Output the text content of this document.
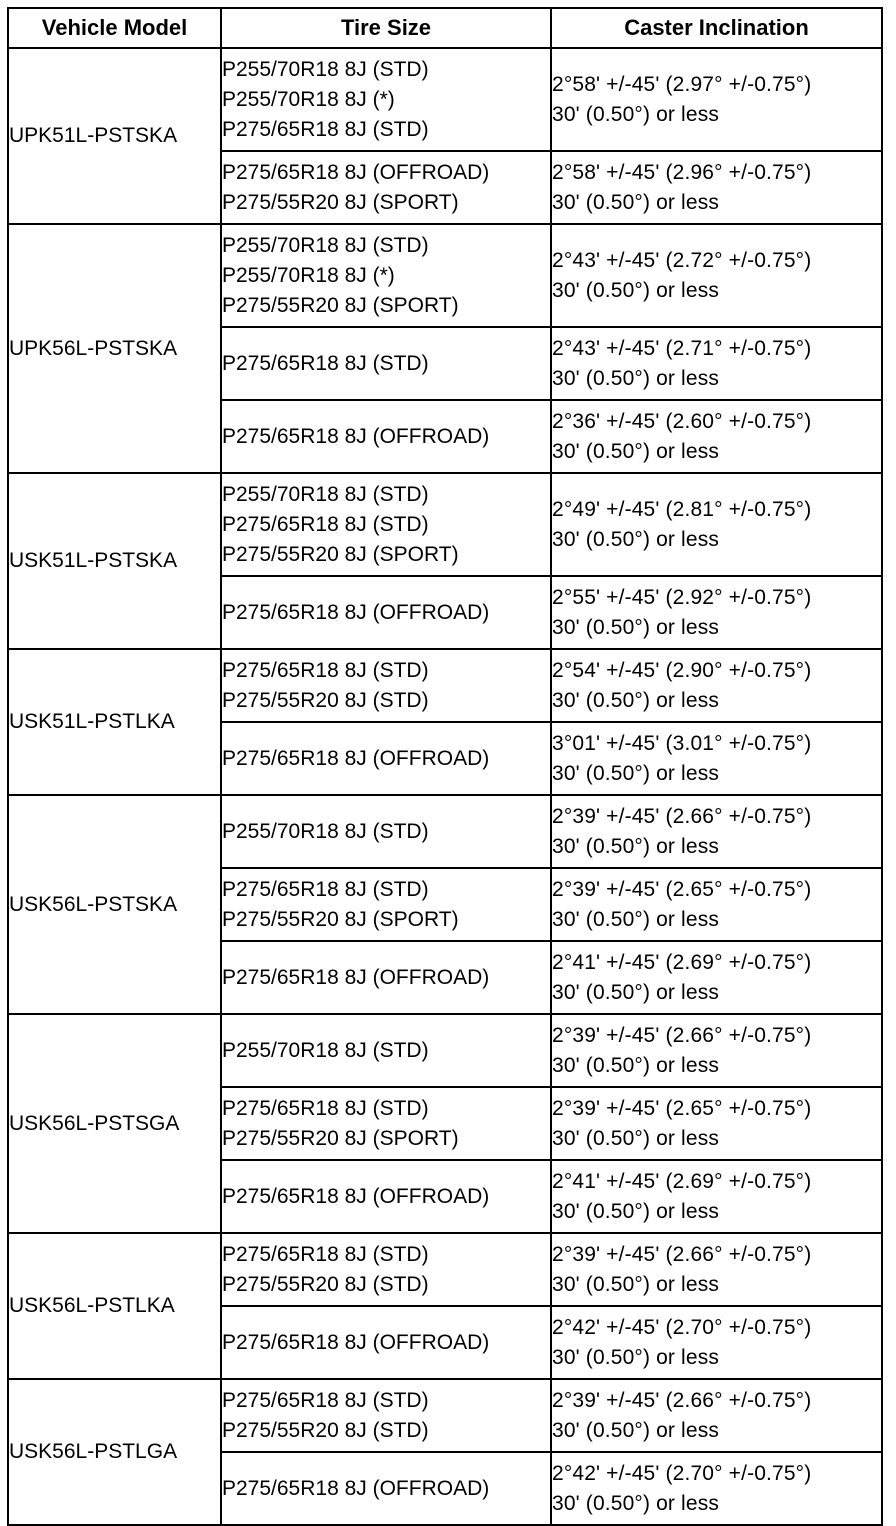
Vehicle Model	Tire Size	Caster Inclination
UPK51L-PSTSKA	P255/70R18 8J (STD)
P255/70R18 8J (*)
P275/65R18 8J (STD)	2°58' +/-45' (2.97° +/-0.75°)
30' (0.50°) or less

	P275/65R18 8J (OFFROAD)
P275/55R20 8J (SPORT)	2°58' +/-45' (2.96° +/-0.75°)
30' (0.50°) or less

UPK56L-PSTSKA	P255/70R18 8J (STD)
P255/70R18 8J (*)
P275/55R20 8J (SPORT)	2°43' +/-45' (2.72° +/-0.75°)
30' (0.50°) or less

	P275/65R18 8J (STD)	2°43' +/-45' (2.71° +/-0.75°)
30' (0.50°) or less

	P275/65R18 8J (OFFROAD)	2°36' +/-45' (2.60° +/-0.75°)
30' (0.50°) or less

USK51L-PSTSKA	P255/70R18 8J (STD)
P275/65R18 8J (STD)
P275/55R20 8J (SPORT)	2°49' +/-45' (2.81° +/-0.75°)
30' (0.50°) or less

	P275/65R18 8J (OFFROAD)	2°55' +/-45' (2.92° +/-0.75°)
30' (0.50°) or less

USK51L-PSTLKA	P275/65R18 8J (STD)
P275/55R20 8J (STD)	2°54' +/-45' (2.90° +/-0.75°)
30' (0.50°) or less

	P275/65R18 8J (OFFROAD)	3°01' +/-45' (3.01° +/-0.75°)
30' (0.50°) or less

USK56L-PSTSKA	P255/70R18 8J (STD)	2°39' +/-45' (2.66° +/-0.75°)
30' (0.50°) or less

	P275/65R18 8J (STD)
P275/55R20 8J (SPORT)	2°39' +/-45' (2.65° +/-0.75°)
30' (0.50°) or less

	P275/65R18 8J (OFFROAD)	2°41' +/-45' (2.69° +/-0.75°)
30' (0.50°) or less

USK56L-PSTSGA	P255/70R18 8J (STD)	2°39' +/-45' (2.66° +/-0.75°)
30' (0.50°) or less

	P275/65R18 8J (STD)
P275/55R20 8J (SPORT)	2°39' +/-45' (2.65° +/-0.75°)
30' (0.50°) or less

	P275/65R18 8J (OFFROAD)	2°41' +/-45' (2.69° +/-0.75°)
30' (0.50°) or less

USK56L-PSTLKA	P275/65R18 8J (STD)
P275/55R20 8J (STD)	2°39' +/-45' (2.66° +/-0.75°)
30' (0.50°) or less

	P275/65R18 8J (OFFROAD)	2°42' +/-45' (2.70° +/-0.75°)
30' (0.50°) or less

USK56L-PSTLGA	P275/65R18 8J (STD)
P275/55R20 8J (STD)	2°39' +/-45' (2.66° +/-0.75°)
30' (0.50°) or less

	P275/65R18 8J (OFFROAD)	2°42' +/-45' (2.70° +/-0.75°)
30' (0.50°) or less
